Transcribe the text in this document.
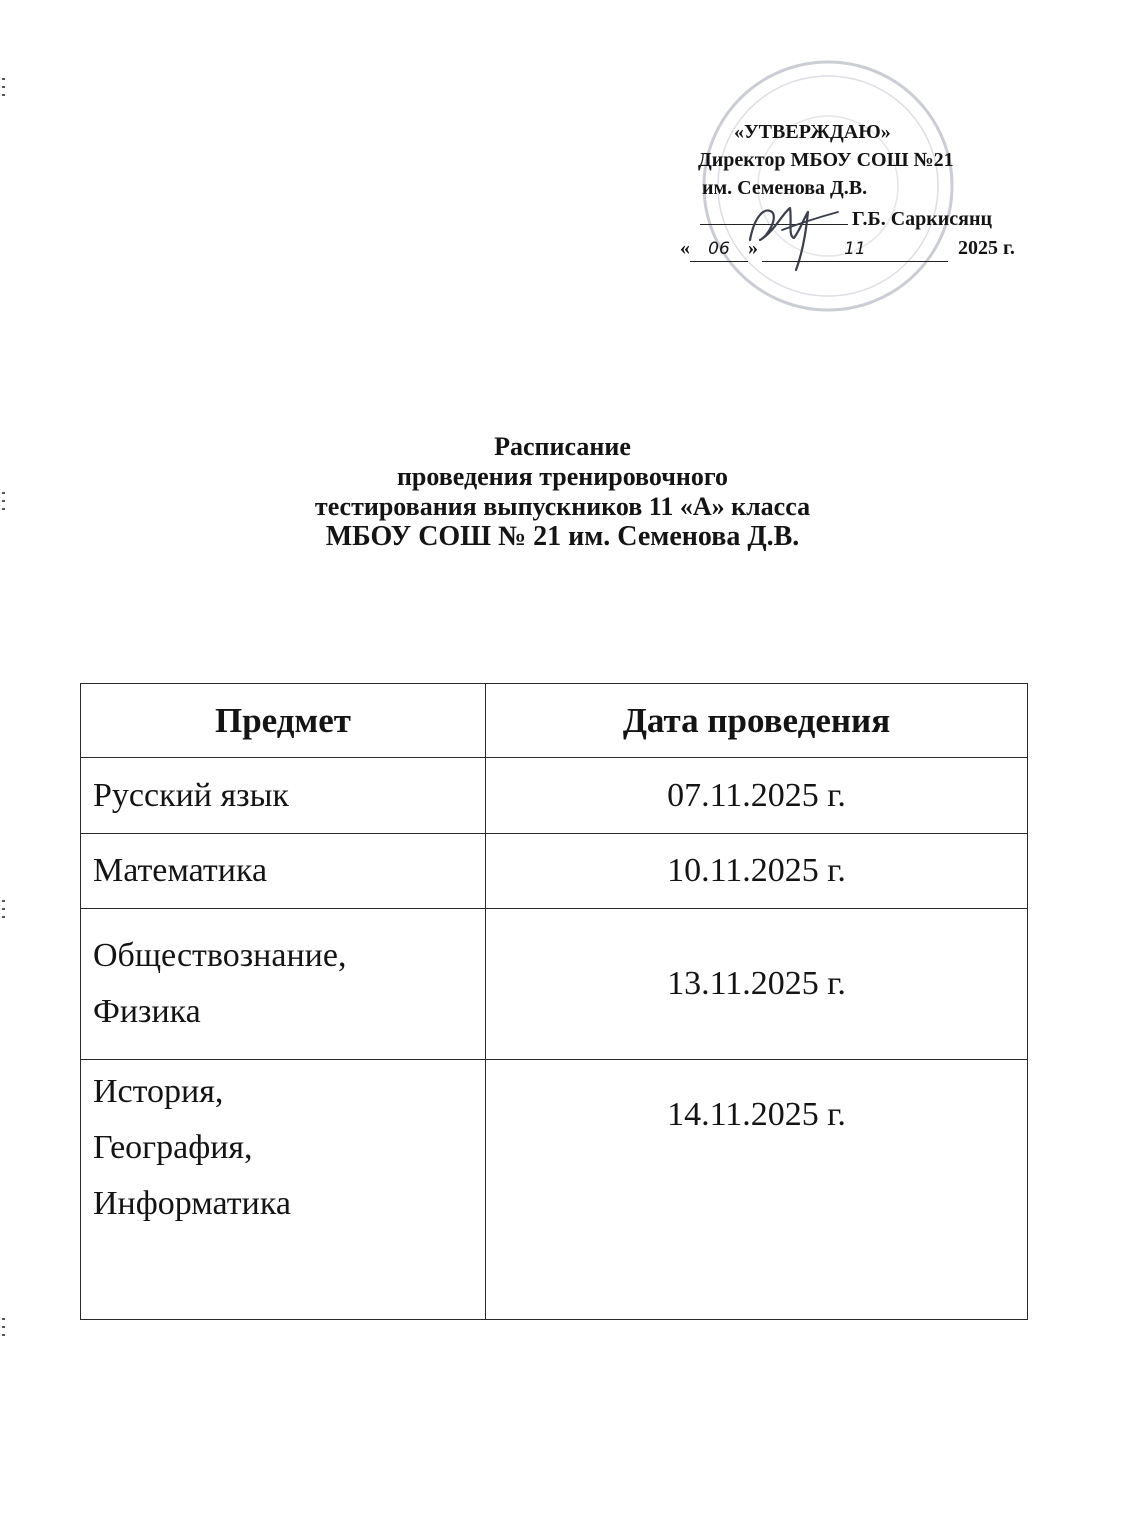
«УТВЕРЖДАЮ»
Директор МБОУ СОШ №21
им. Семенова Д.В.
Г.Б. Саркисянц
« 06 »	11	2025 г.
Расписание
проведения тренировочного
тестирования выпускников 11 «А» класса
МБОУ СОШ № 21 им. Семенова Д.В.
Предмет	Дата проведения

Русский язык	07.11.2025 г.

Математика	10.11.2025 г.

Обществознание,
Физика	13.11.2025 г.

История,
География,
Информатика	14.11.2025 г.
